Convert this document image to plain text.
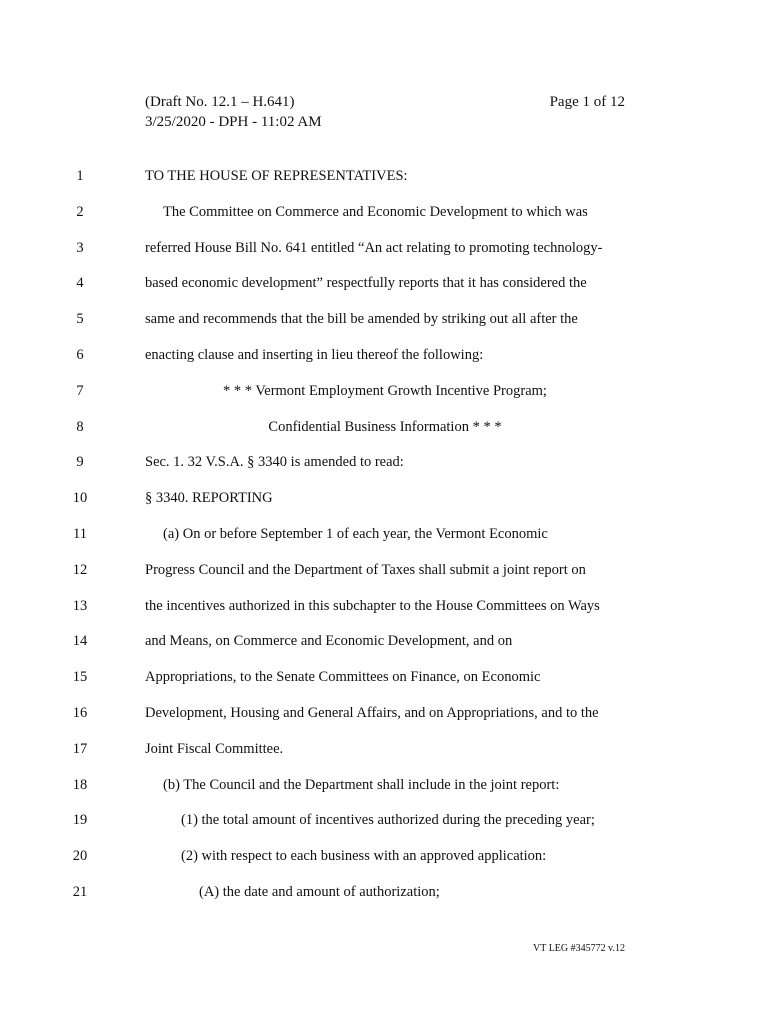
(Draft No. 12.1 – H.641)
3/25/2020 - DPH - 11:02 AM
Page 1 of 12
1	TO THE HOUSE OF REPRESENTATIVES:
2	The Committee on Commerce and Economic Development to which was
3	referred House Bill No. 641 entitled “An act relating to promoting technology-
4	based economic development” respectfully reports that it has considered the
5	same and recommends that the bill be amended by striking out all after the
6	enacting clause and inserting in lieu thereof the following:
7	* * * Vermont Employment Growth Incentive Program;
8	Confidential Business Information * * *
9	Sec. 1. 32 V.S.A. § 3340 is amended to read:
10	§ 3340. REPORTING
11	(a) On or before September 1 of each year, the Vermont Economic
12	Progress Council and the Department of Taxes shall submit a joint report on
13	the incentives authorized in this subchapter to the House Committees on Ways
14	and Means, on Commerce and Economic Development, and on
15	Appropriations, to the Senate Committees on Finance, on Economic
16	Development, Housing and General Affairs, and on Appropriations, and to the
17	Joint Fiscal Committee.
18	(b) The Council and the Department shall include in the joint report:
19	(1) the total amount of incentives authorized during the preceding year;
20	(2) with respect to each business with an approved application:
21	(A) the date and amount of authorization;
VT LEG #345772 v.12
